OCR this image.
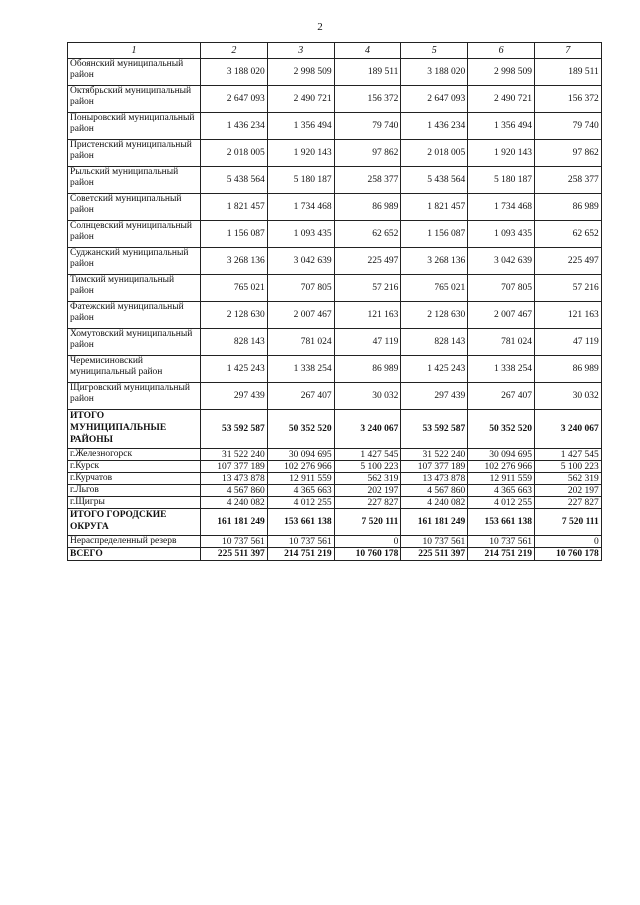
2
1	2	3	4	5	6	7
Обоянский муниципальный район	3 188 020	2 998 509	189 511	3 188 020	2 998 509	189 511
Октябрьский муниципальный район	2 647 093	2 490 721	156 372	2 647 093	2 490 721	156 372
Поныровский муниципальный район	1 436 234	1 356 494	79 740	1 436 234	1 356 494	79 740
Пристенский муниципальный район	2 018 005	1 920 143	97 862	2 018 005	1 920 143	97 862
Рыльский муниципальный район	5 438 564	5 180 187	258 377	5 438 564	5 180 187	258 377
Советский муниципальный район	1 821 457	1 734 468	86 989	1 821 457	1 734 468	86 989
Солнцевский муниципальный район	1 156 087	1 093 435	62 652	1 156 087	1 093 435	62 652
Суджанский муниципальный район	3 268 136	3 042 639	225 497	3 268 136	3 042 639	225 497
Тимский муниципальный район	765 021	707 805	57 216	765 021	707 805	57 216
Фатежский муниципальный район	2 128 630	2 007 467	121 163	2 128 630	2 007 467	121 163
Хомутовский муниципальный район	828 143	781 024	47 119	828 143	781 024	47 119
Черемисиновский муниципальный район	1 425 243	1 338 254	86 989	1 425 243	1 338 254	86 989
Щигровский муниципальный район	297 439	267 407	30 032	297 439	267 407	30 032
ИТОГО МУНИЦИПАЛЬНЫЕ РАЙОНЫ	53 592 587	50 352 520	3 240 067	53 592 587	50 352 520	3 240 067
г.Железногорск	31 522 240	30 094 695	1 427 545	31 522 240	30 094 695	1 427 545
г.Курск	107 377 189	102 276 966	5 100 223	107 377 189	102 276 966	5 100 223
г.Курчатов	13 473 878	12 911 559	562 319	13 473 878	12 911 559	562 319
г.Льгов	4 567 860	4 365 663	202 197	4 567 860	4 365 663	202 197
г.Щигры	4 240 082	4 012 255	227 827	4 240 082	4 012 255	227 827
ИТОГО ГОРОДСКИЕ ОКРУГА	161 181 249	153 661 138	7 520 111	161 181 249	153 661 138	7 520 111
Нераспределенный резерв	10 737 561	10 737 561	0	10 737 561	10 737 561	0
ВСЕГО	225 511 397	214 751 219	10 760 178	225 511 397	214 751 219	10 760 178
